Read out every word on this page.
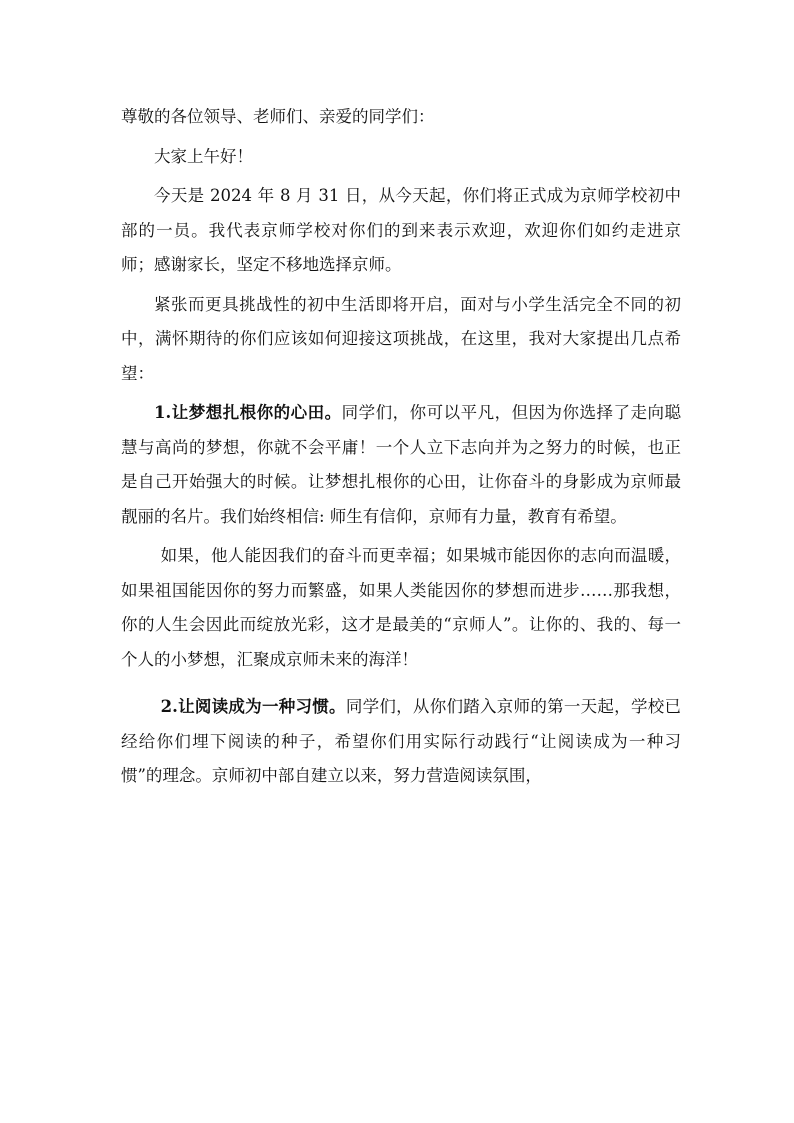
尊敬的各位领导、老师们、亲爱的同学们：

大家上午好！

今天是 2024 年 8 月 31 日，从今天起，你们将正式成为京师学校初中部的一员。我代表京师学校对你们的到来表示欢迎，欢迎你们如约走进京师；感谢家长，坚定不移地选择京师。

紧张而更具挑战性的初中生活即将开启，面对与小学生活完全不同的初中，满怀期待的你们应该如何迎接这项挑战，在这里，我对大家提出几点希望：

1.让梦想扎根你的心田。同学们，你可以平凡，但因为你选择了走向聪慧与高尚的梦想，你就不会平庸！一个人立下志向并为之努力的时候，也正是自己开始强大的时候。让梦想扎根你的心田，让你奋斗的身影成为京师最靓丽的名片。我们始终相信: 师生有信仰，京师有力量，教育有希望。

如果，他人能因我们的奋斗而更幸福；如果城市能因你的志向而温暖，如果祖国能因你的努力而繁盛，如果人类能因你的梦想而进步……那我想，你的人生会因此而绽放光彩，这才是最美的“京师人”。让你的、我的、每一个人的小梦想，汇聚成京师未来的海洋！

2.让阅读成为一种习惯。同学们，从你们踏入京师的第一天起，学校已经给你们埋下阅读的种子，希望你们用实际行动践行“让阅读成为一种习惯”的理念。京师初中部自建立以来，努力营造阅读氛围，
